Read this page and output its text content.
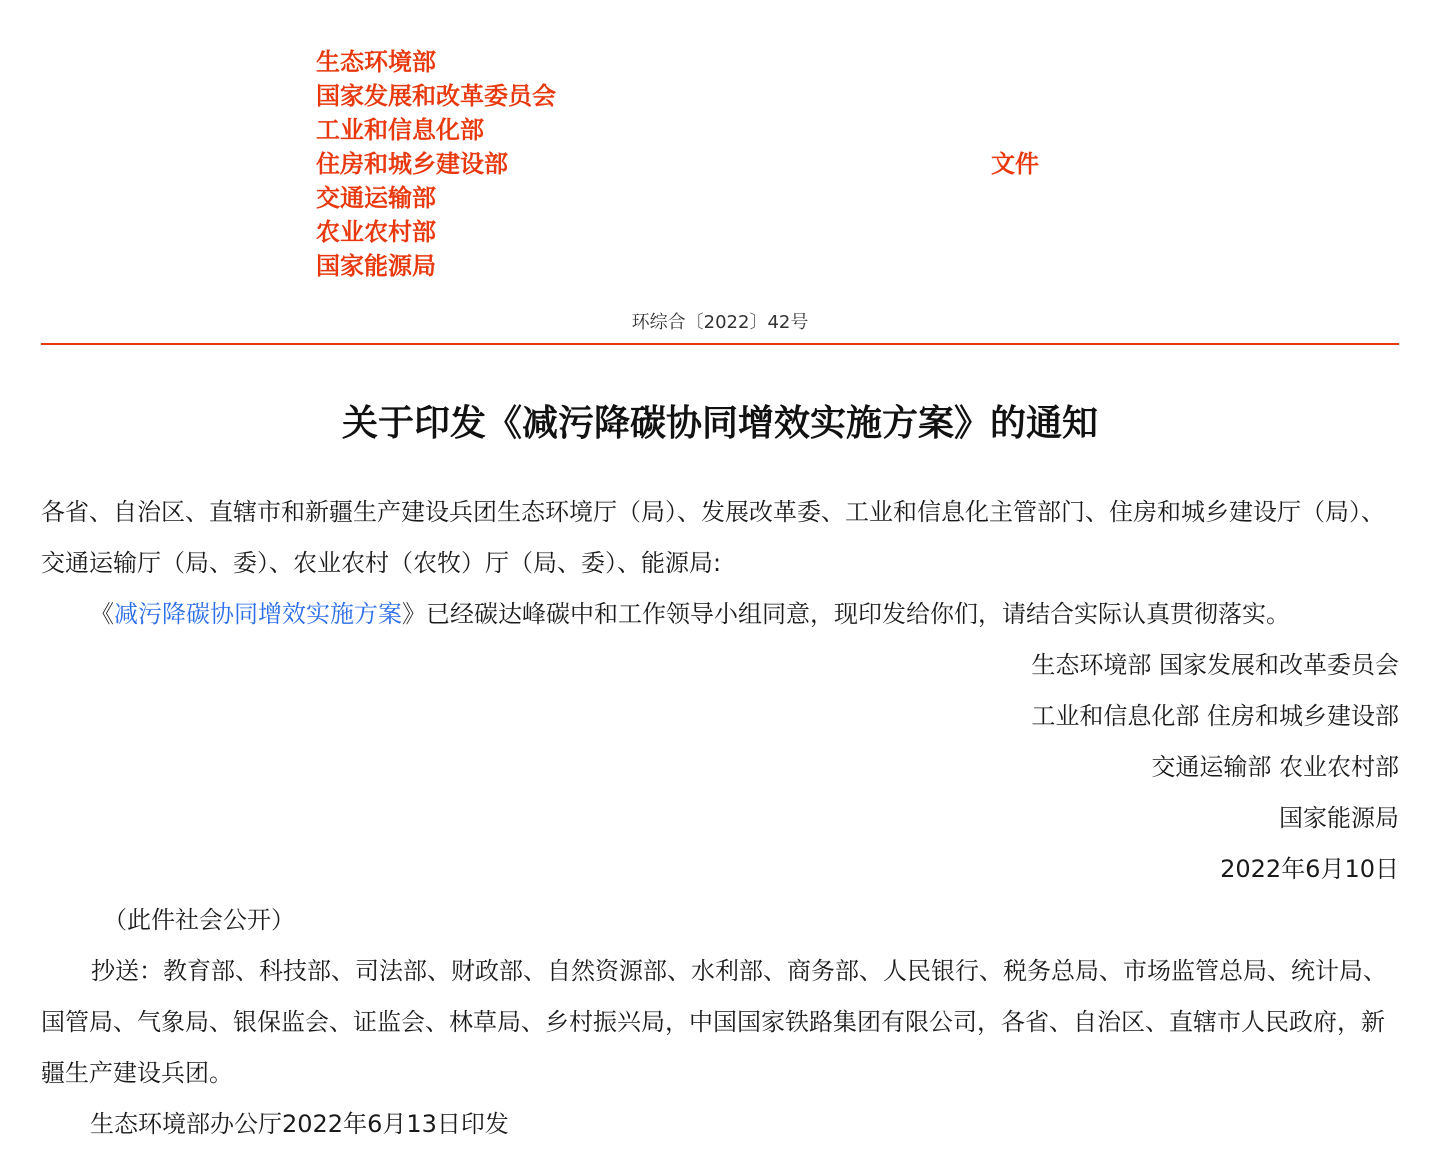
生态环境部
国家发展和改革委员会
工业和信息化部
住房和城乡建设部
交通运输部
农业农村部
国家能源局
文件
环综合〔2022〕42号
关于印发《减污降碳协同增效实施方案》的通知

各省、自治区、直辖市和新疆生产建设兵团生态环境厅（局）、发展改革委、工业和信息化主管部门、住房和城乡建设厅（局）、交通运输厅（局、委）、农业农村（农牧）厅（局、委）、能源局:

《减污降碳协同增效实施方案》已经碳达峰碳中和工作领导小组同意，现印发给你们，请结合实际认真贯彻落实。

生态环境部 国家发展和改革委员会
工业和信息化部 住房和城乡建设部
交通运输部 农业农村部
国家能源局
2022年6月10日

（此件社会公开）

抄送：教育部、科技部、司法部、财政部、自然资源部、水利部、商务部、人民银行、税务总局、市场监管总局、统计局、国管局、气象局、银保监会、证监会、林草局、乡村振兴局，中国国家铁路集团有限公司，各省、自治区、直辖市人民政府，新疆生产建设兵团。

生态环境部办公厅2022年6月13日印发
